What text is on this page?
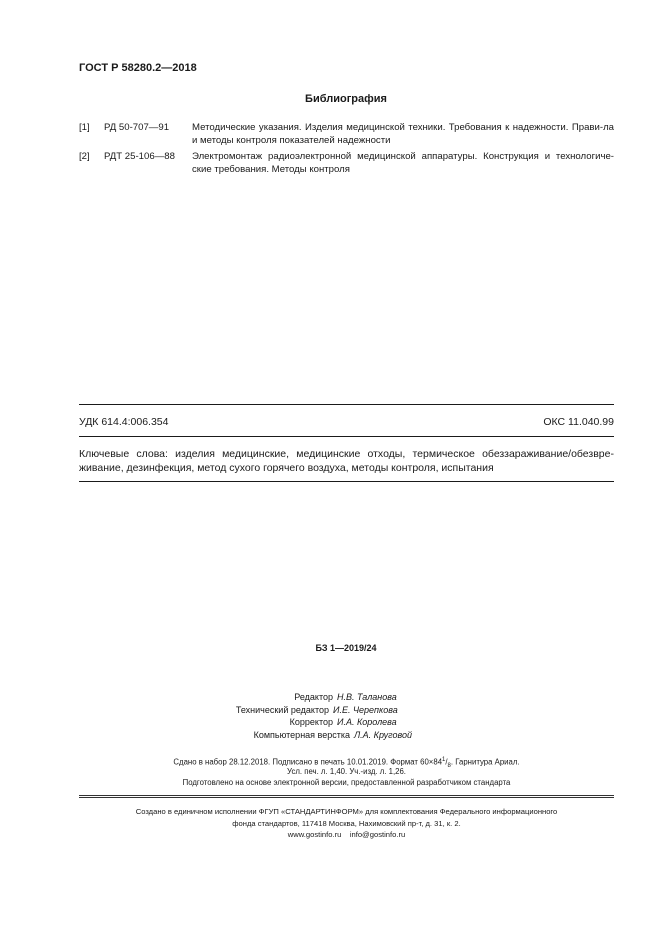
ГОСТ Р 58280.2—2018
Библиография
[1] РД 50-707—91 Методические указания. Изделия медицинской техники. Требования к надежности. Прави-ла и методы контроля показателей надежности
[2] РДТ 25-106—88 Электромонтаж радиоэлектронной медицинской аппаратуры. Конструкция и технологиче-ские требования. Методы контроля
УДК 614.4:006.354	ОКС 11.040.99
Ключевые слова: изделия медицинские, медицинские отходы, термическое обеззараживание/обезвре-живание, дезинфекция, метод сухого горячего воздуха, методы контроля, испытания
БЗ 1—2019/24
Редактор Н.В. Таланова
Технический редактор И.Е. Черепкова
Корректор И.А. Королева
Компьютерная верстка Л.А. Круговой
Сдано в набор 28.12.2018. Подписано в печать 10.01.2019. Формат $60\times 84^1/_8$. Гарнитура Ариал.
Усл. печ. л. 1,40. Уч.-изд. л. 1,26.
Подготовлено на основе электронной версии, предоставленной разработчиком стандарта
Создано в единичном исполнении ФГУП «СТАНДАРТИНФОРМ» для комплектования Федерального информационного
фонда стандартов, 117418 Москва, Нахимовский пр-т, д. 31, к. 2.
www.gostinfo.ru info@gostinfo.ru
